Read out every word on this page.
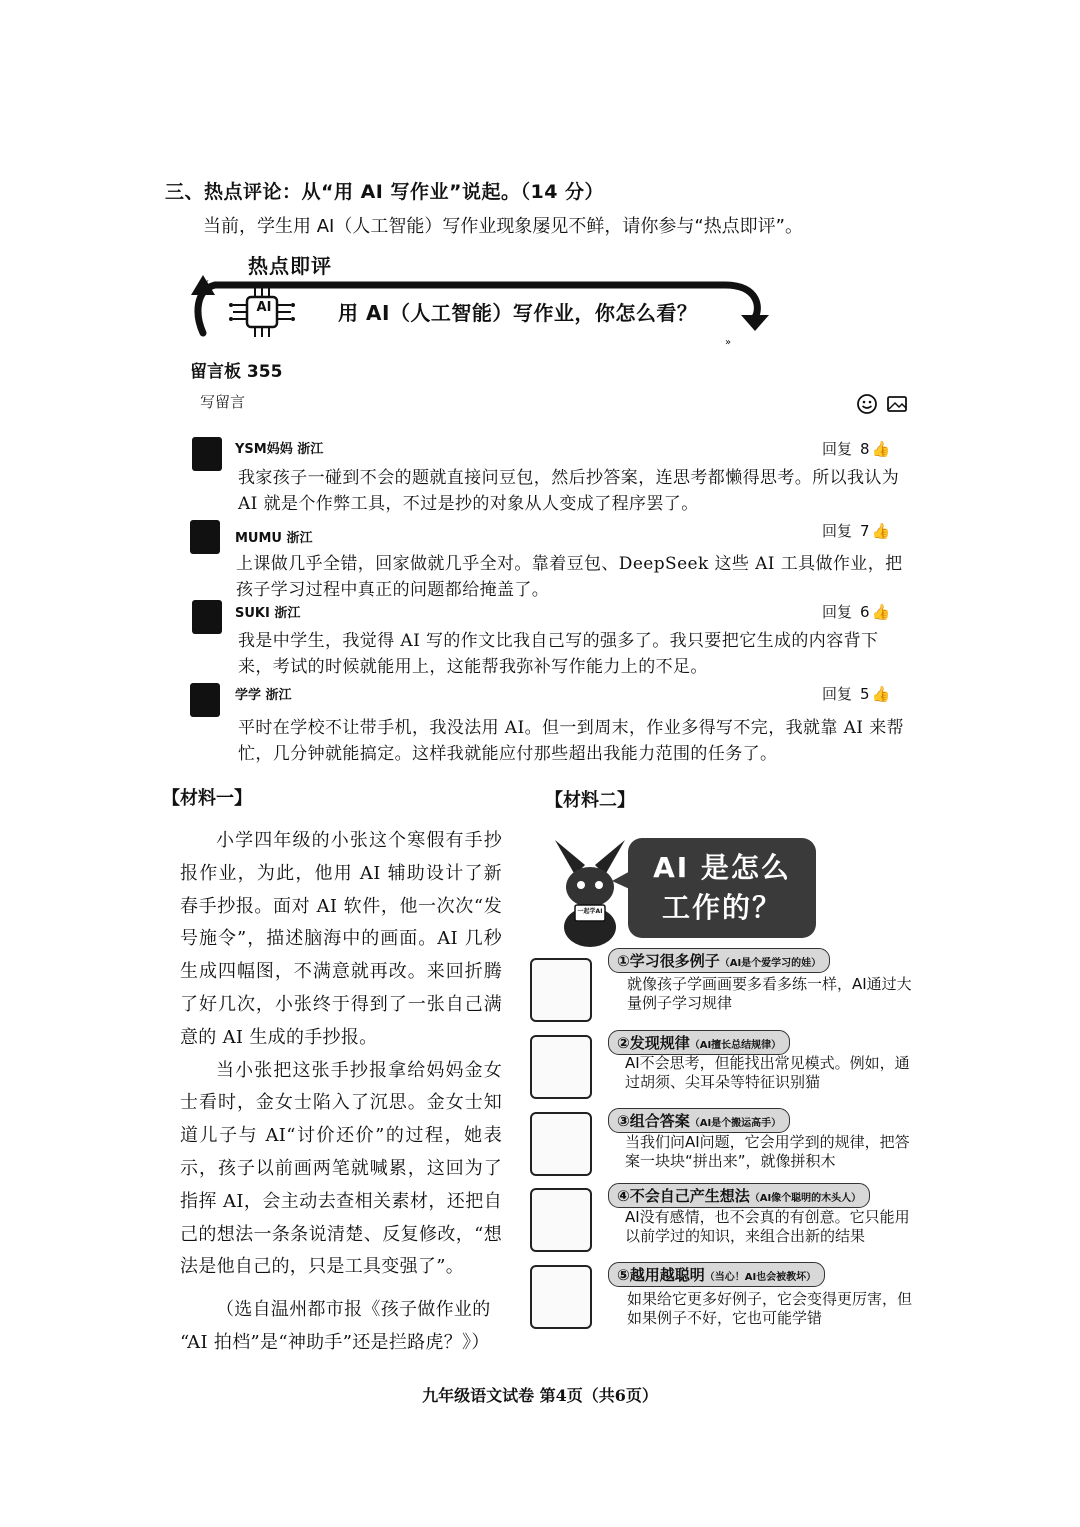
三、热点评论：从“用 AI 写作业”说起。（14 分）
当前，学生用 AI（人工智能）写作业现象屡见不鲜，请你参与“热点即评”。
热点即评
«
»
AI	用 AI（人工智能）写作业，你怎么看？
留言板 355
写留言
YSM妈妈 浙江	回复 8 👍
我家孩子一碰到不会的题就直接问豆包，然后抄答案，连思考都懒得思考。所以我认为 AI 就是个作弊工具，不过是抄的对象从人变成了程序罢了。
MUMU 浙江	回复 7 👍
上课做几乎全错，回家做就几乎全对。靠着豆包、DeepSeek 这些 AI 工具做作业，把孩子学习过程中真正的问题都给掩盖了。
SUKI 浙江	回复 6 👍
我是中学生，我觉得 AI 写的作文比我自己写的强多了。我只要把它生成的内容背下来，考试的时候就能用上，这能帮我弥补写作能力上的不足。
学学 浙江	回复 5 👍
平时在学校不让带手机，我没法用 AI。但一到周末，作业多得写不完，我就靠 AI 来帮忙，几分钟就能搞定。这样我就能应付那些超出我能力范围的任务了。
【材料一】

小学四年级的小张这个寒假有手抄报作业，为此，他用 AI 辅助设计了新春手抄报。面对 AI 软件，他一次次“发号施令”，描述脑海中的画面。AI 几秒生成四幅图，不满意就再改。来回折腾了好几次，小张终于得到了一张自己满意的 AI 生成的手抄报。

当小张把这张手抄报拿给妈妈金女士看时，金女士陷入了沉思。金女士知道儿子与 AI“讨价还价”的过程，她表示，孩子以前画两笔就喊累，这回为了指挥 AI，会主动去查相关素材，还把自己的想法一条条说清楚、反复修改，“想法是他自己的，只是工具变强了”。

（选自温州都市报《孩子做作业的

“AI 拍档”是“神助手”还是拦路虎？》）

【材料二】
一起学AI
AI 是怎么
工作的？
①学习很多例子（AI是个爱学习的娃）
就像孩子学画画要多看多练一样，AI通过大量例子学习规律
②发现规律（AI擅长总结规律）
AI不会思考，但能找出常见模式。例如，通过胡须、尖耳朵等特征识别猫
③组合答案（AI是个搬运高手）
当我们问AI问题，它会用学到的规律，把答案一块块“拼出来”，就像拼积木
④不会自己产生想法（AI像个聪明的木头人）
AI没有感情，也不会真的有创意。它只能用以前学过的知识，来组合出新的结果
⑤越用越聪明（当心！AI也会被教坏）
如果给它更多好例子，它会变得更厉害，但如果例子不好，它也可能学错
九年级语文试卷 第4页（共6页）
